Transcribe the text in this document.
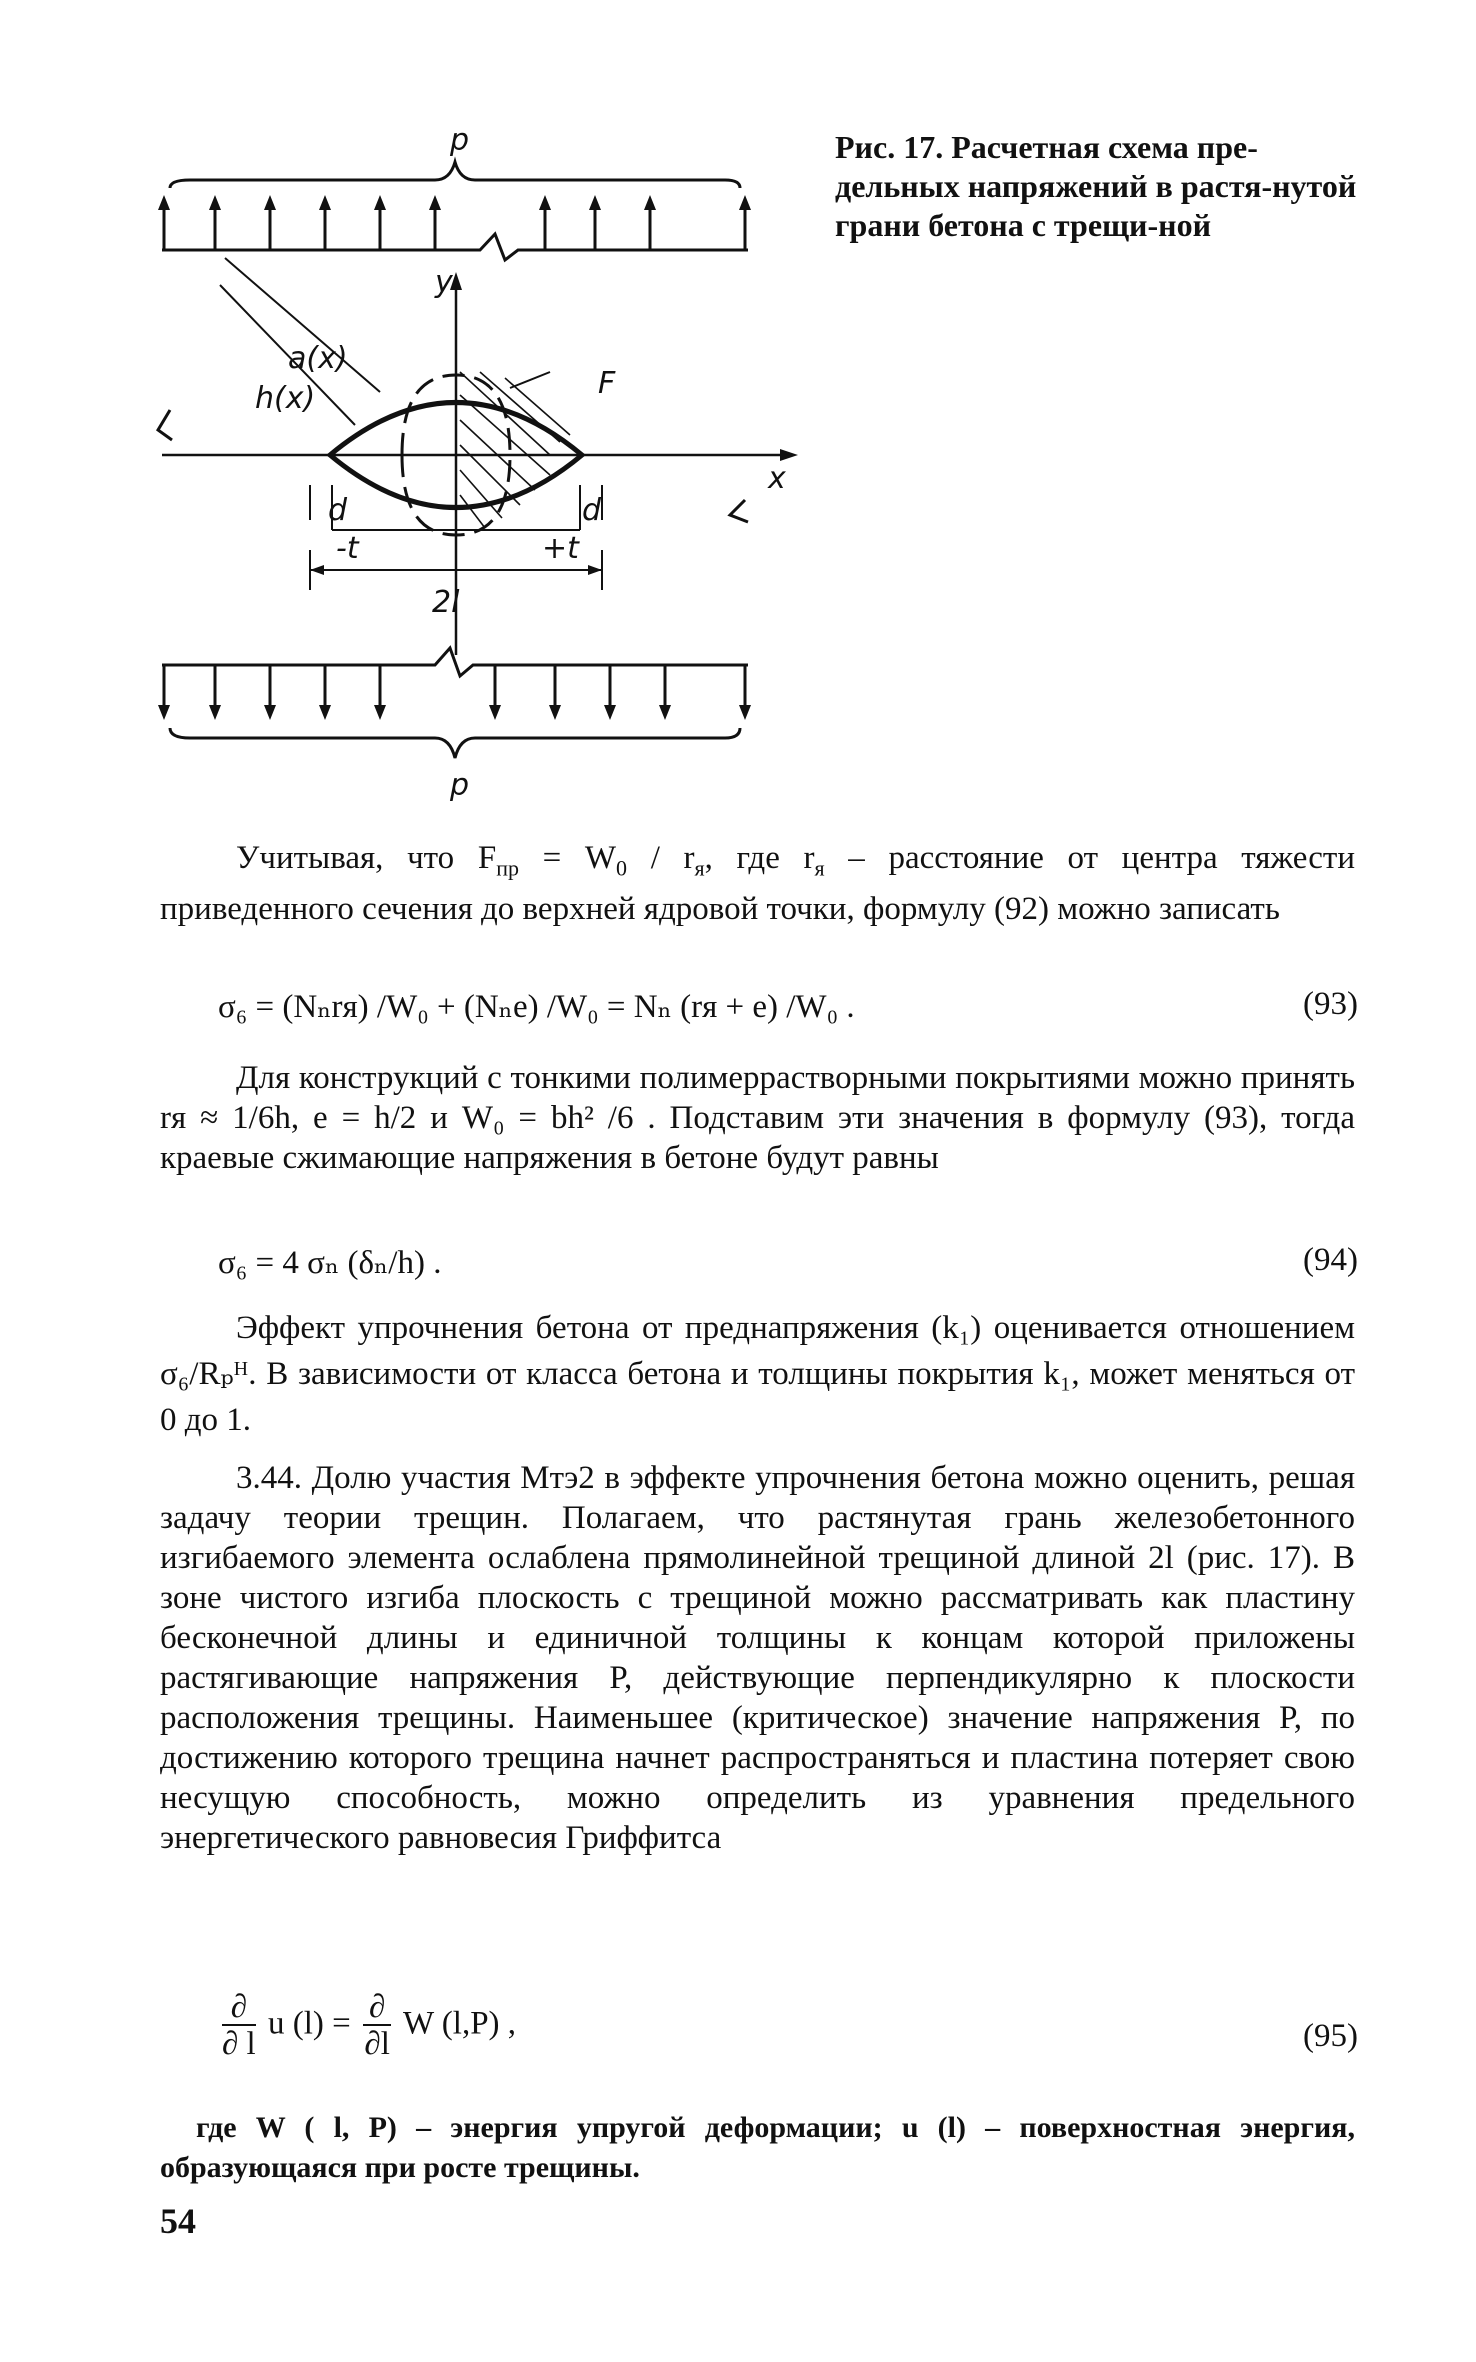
p
p
y
x
a(x)
h(x)	F
d	d
-t	+t
2l
Рис. 17. Расчетная схема пре-дельных напряжений в растя-нутой грани бетона с трещи-ной
Учитывая, что $F_{пр} = W_0 / r_я$, где $r_я$ – расстояние от центра тяжести приведенного сечения до верхней ядровой точки, формулу (92) можно записать
σ₆ = (Nₙrя) /W₀ + (Nₙe) /W₀ = Nₙ (rя + e) /W₀ .	(93)
Для конструкций с тонкими полимеррастворными покрытиями можно принять rя ≈ 1/6h, e = h/2 и W₀ = bh² /6 . Подставим эти значения в формулу (93), тогда краевые сжимающие напряжения в бетоне будут равны
σ₆ = 4 σₙ (δₙ/h) .	(94)
Эффект упрочнения бетона от преднапряжения (k₁) оценивается отношением σ₆/Rₚᴴ. В зависимости от класса бетона и толщины покрытия k₁, может меняться от 0 до 1.
3.44. Долю участия Mᴛэ2 в эффекте упрочнения бетона можно оценить, решая задачу теории трещин. Полагаем, что растянутая грань железобетонного изгибаемого элемента ослаблена прямолинейной трещиной длиной 2l (рис. 17). В зоне чистого изгиба плоскость с трещиной можно рассматривать как пластину бесконечной длины и единичной толщины к концам которой приложены растягивающие напряжения P, действующие перпендикулярно к плоскости расположения трещины. Наименьшее (критическое) значение напряжения P, по достижению которого трещина начнет распространяться и пластина потеряет свою несущую способность, можно определить из уравнения предельного энергетического равновесия Гриффитса
$\frac{\partial}{\partial l}$ u $(l) = \frac{\partial}{\partial l}$ W (l,P) ,	(95)
где W ( l, P) – энергия упругой деформации; u (l) – поверхностная энергия, образующаяся при росте трещины.
54
